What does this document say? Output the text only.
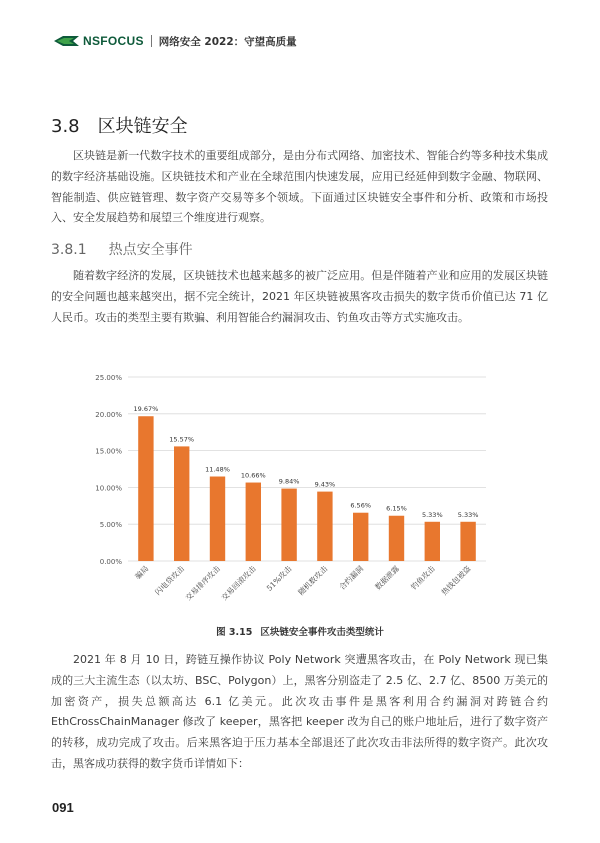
NSFOCUS 网络安全 2022：守望高质量
3.8 区块链安全
区块链是新一代数字技术的重要组成部分，是由分布式网络、加密技术、智能合约等多种技术集成的数字经济基础设施。区块链技术和产业在全球范围内快速发展，应用已经延伸到数字金融、物联网、智能制造、供应链管理、数字资产交易等多个领域。下面通过区块链安全事件和分析、政策和市场投入、安全发展趋势和展望三个维度进行观察。
3.8.1 热点安全事件
随着数字经济的发展，区块链技术也越来越多的被广泛应用。但是伴随着产业和应用的发展区块链的安全问题也越来越突出，据不完全统计，2021 年区块链被黑客攻击损失的数字货币价值已达 71 亿人民币。攻击的类型主要有欺骗、利用智能合约漏洞攻击、钓鱼攻击等方式实施攻击。
0.00%
5.00%
10.00%
15.00%
20.00%
25.00%
19.67%
骗局
15.57%
闪电贷攻击
11.48%
交易排序攻击
10.66%
交易回滚攻击
9.84%
51%攻击
9.43%
随机数攻击
6.56%
合约漏洞
6.15%
数据泄露
5.33%
钓鱼攻击
5.33%
热钱包被盗
图 3.15 区块链安全事件攻击类型统计
2021 年 8 月 10 日，跨链互操作协议 Poly Network 突遭黑客攻击，在 Poly Network 现已集成的三大主流生态（以太坊、BSC、Polygon）上，黑客分别盗走了 2.5 亿、2.7 亿、8500 万美元的加密资产，损失总额高达 6.1 亿美元。此次攻击事件是黑客利用合约漏洞对跨链合约 EthCrossChainManager 修改了 keeper，黑客把 keeper 改为自己的账户地址后，进行了数字资产的转移，成功完成了攻击。后来黑客迫于压力基本全部退还了此次攻击非法所得的数字资产。此次攻击，黑客成功获得的数字货币详情如下：
091
